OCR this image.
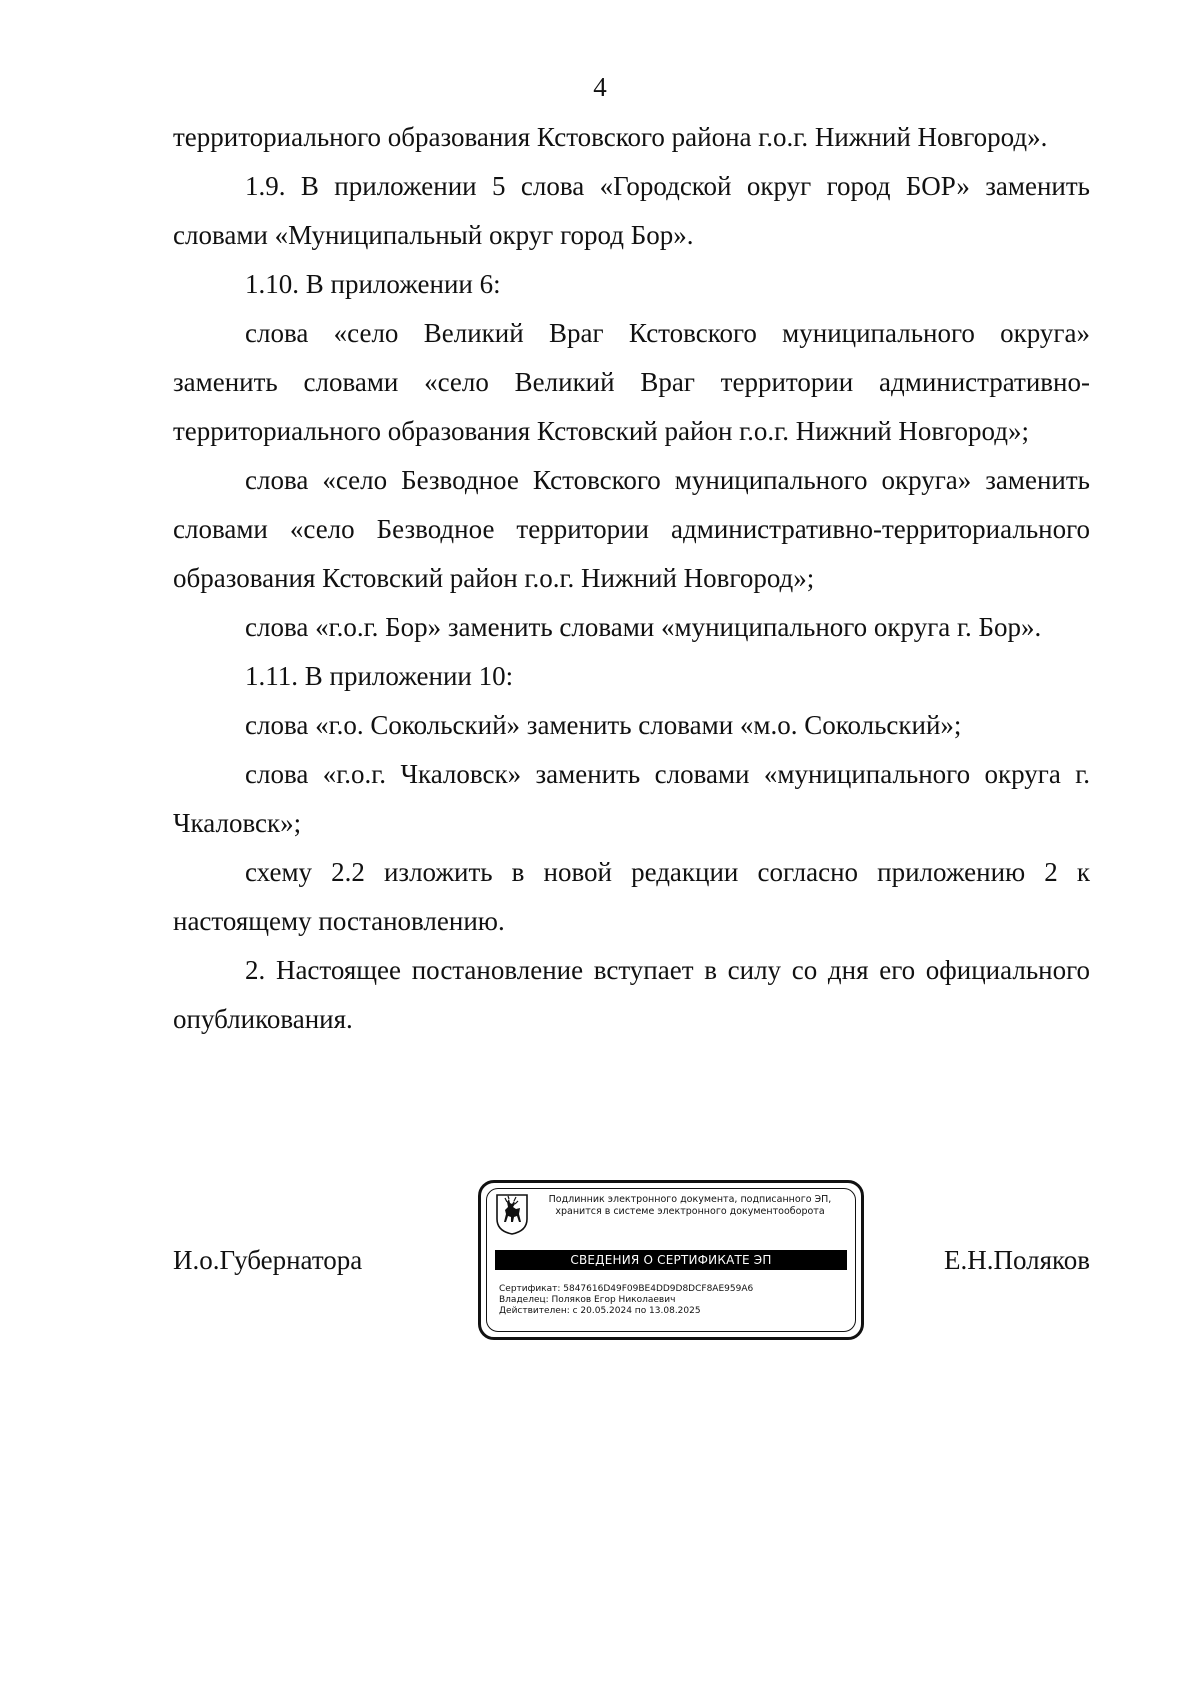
4

территориального образования Кстовского района г.о.г. Нижний Новгород».

1.9. В приложении 5 слова «Городской округ город БОР» заменить словами «Муниципальный округ город Бор».

1.10. В приложении 6:

слова «село Великий Враг Кстовского муниципального округа» заменить словами «село Великий Враг территории административно-территориального образования Кстовский район г.о.г. Нижний Новгород»;

слова «село Безводное Кстовского муниципального округа» заменить словами «село Безводное территории административно-территориального образования Кстовский район г.о.г. Нижний Новгород»;

слова «г.о.г. Бор» заменить словами «муниципального округа г. Бор».

1.11. В приложении 10:

слова «г.о. Сокольский» заменить словами «м.о. Сокольский»;

слова «г.о.г. Чкаловск» заменить словами «муниципального округа г. Чкаловск»;

схему 2.2 изложить в новой редакции согласно приложению 2 к настоящему постановлению.

2. Настоящее постановление вступает в силу со дня его официального опубликования.

И.о.Губернатора
Подлинник электронного документа, подписанного ЭП,
хранится в системе электронного документооборота
СВЕДЕНИЯ О СЕРТИФИКАТЕ ЭП
Сертификат: 5847616D49F09BE4DD9D8DCF8AE959A6
Владелец: Поляков Егор Николаевич
Действителен: с 20.05.2024 по 13.08.2025
Е.Н.Поляков
